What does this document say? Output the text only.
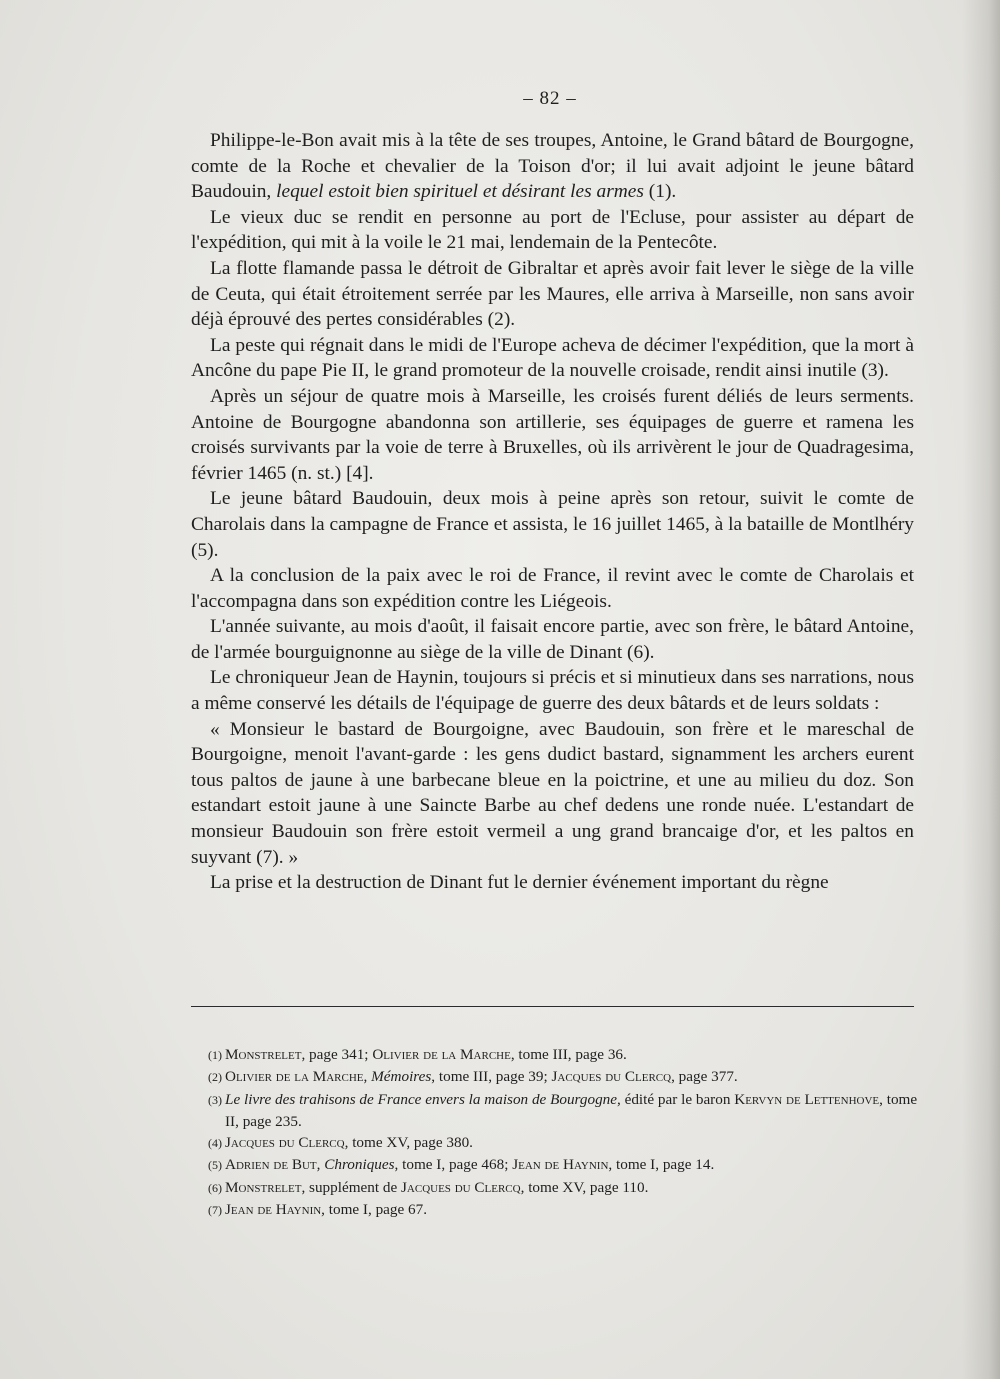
– 82 –

Philippe-le-Bon avait mis à la tête de ses troupes, Antoine, le Grand bâtard de Bourgogne, comte de la Roche et chevalier de la Toison d'or; il lui avait adjoint le jeune bâtard Baudouin, lequel estoit bien spirituel et désirant les armes (1).

Le vieux duc se rendit en personne au port de l'Ecluse, pour assister au départ de l'expédition, qui mit à la voile le 21 mai, lendemain de la Pentecôte.

La flotte flamande passa le détroit de Gibraltar et après avoir fait lever le siège de la ville de Ceuta, qui était étroitement serrée par les Maures, elle arriva à Marseille, non sans avoir déjà éprouvé des pertes considérables (2).

La peste qui régnait dans le midi de l'Europe acheva de décimer l'expédition, que la mort à Ancône du pape Pie II, le grand promoteur de la nouvelle croisade, rendit ainsi inutile (3).

Après un séjour de quatre mois à Marseille, les croisés furent déliés de leurs serments. Antoine de Bourgogne abandonna son artillerie, ses équipages de guerre et ramena les croisés survivants par la voie de terre à Bruxelles, où ils arrivèrent le jour de Quadragesima, février 1465 (n. st.) [4].

Le jeune bâtard Baudouin, deux mois à peine après son retour, suivit le comte de Charolais dans la campagne de France et assista, le 16 juillet 1465, à la bataille de Montlhéry (5).

A la conclusion de la paix avec le roi de France, il revint avec le comte de Charolais et l'accompagna dans son expédition contre les Liégeois.

L'année suivante, au mois d'août, il faisait encore partie, avec son frère, le bâtard Antoine, de l'armée bourguignonne au siège de la ville de Dinant (6).

Le chroniqueur Jean de Haynin, toujours si précis et si minutieux dans ses narrations, nous a même conservé les détails de l'équipage de guerre des deux bâtards et de leurs soldats :

« Monsieur le bastard de Bourgoigne, avec Baudouin, son frère et le mareschal de Bourgoigne, menoit l'avant-garde : les gens dudict bastard, signamment les archers eurent tous paltos de jaune à une barbecane bleue en la poictrine, et une au milieu du doz. Son estandart estoit jaune à une Saincte Barbe au chef dedens une ronde nuée. L'estandart de monsieur Baudouin son frère estoit vermeil a ung grand brancaige d'or, et les paltos en suyvant (7). »

La prise et la destruction de Dinant fut le dernier événement important du règne

(1) Monstrelet, page 341; Olivier de la Marche, tome III, page 36.

(2) Olivier de la Marche, Mémoires, tome III, page 39; Jacques du Clercq, page 377.

(3) Le livre des trahisons de France envers la maison de Bourgogne, édité par le baron Kervyn de Lettenhove, tome II, page 235.

(4) Jacques du Clercq, tome XV, page 380.

(5) Adrien de But, Chroniques, tome I, page 468; Jean de Haynin, tome I, page 14.

(6) Monstrelet, supplément de Jacques du Clercq, tome XV, page 110.

(7) Jean de Haynin, tome I, page 67.
